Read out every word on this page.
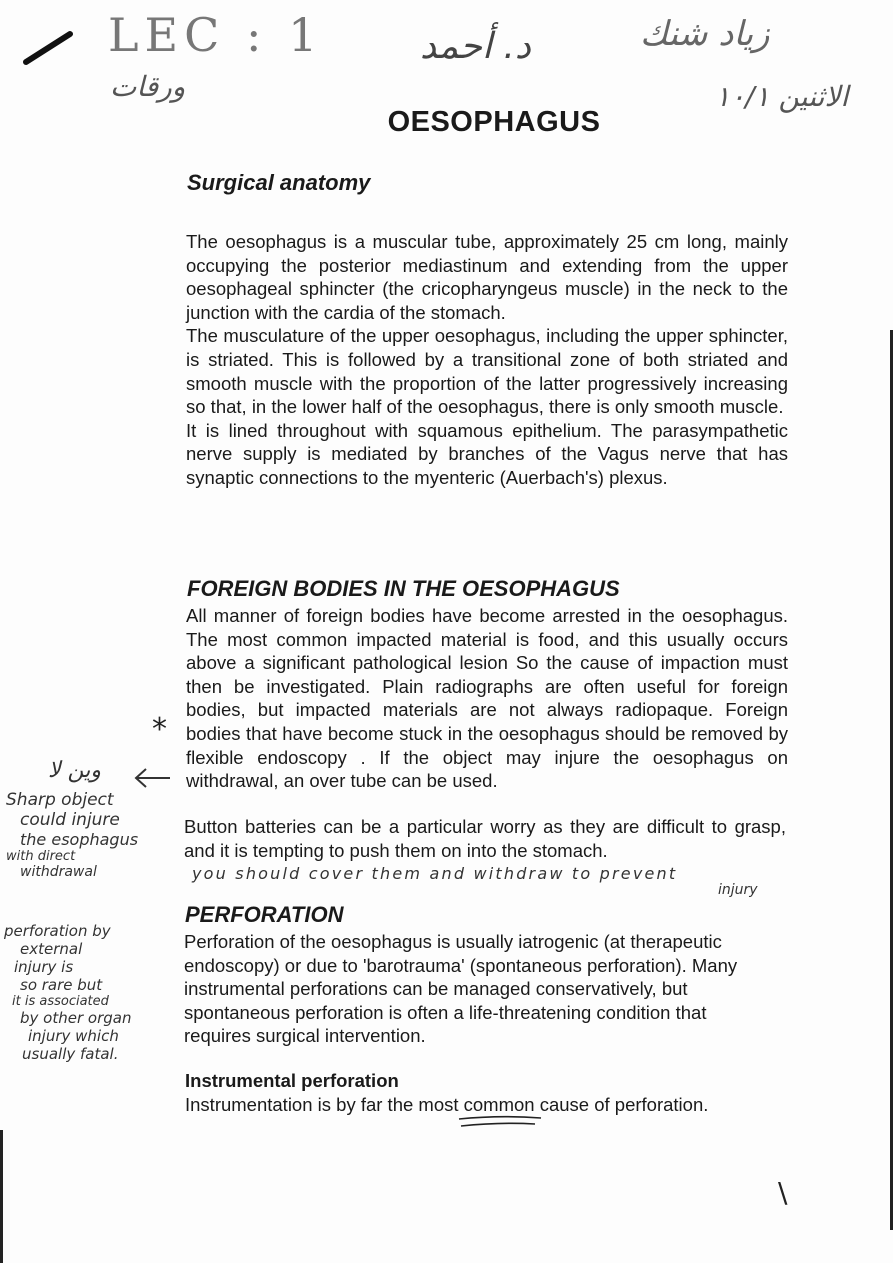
LEC : 1
ورقات
د. أحمد	زياد شنك
الاثنين ١٠/١
OESOPHAGUS
Surgical anatomy

The oesophagus is a muscular tube, approximately 25 cm long, mainly occupying the posterior mediastinum and extending from the upper oesophageal sphincter (the cricopharyngeus muscle) in the neck to the junction with the cardia of the stomach.

The musculature of the upper oesophagus, including the upper sphincter, is striated. This is followed by a transitional zone of both striated and smooth muscle with the proportion of the latter progressively increasing so that, in the lower half of the oesophagus, there is only smooth muscle.

It is lined throughout with squamous epithelium. The parasympathetic nerve supply is mediated by branches of the Vagus nerve that has synaptic connections to the myenteric (Auerbach's) plexus.

FOREIGN BODIES IN THE OESOPHAGUS

All manner of foreign bodies have become arrested in the oesophagus. The most common impacted material is food, and this usually occurs above a significant pathological lesion So the cause of impaction must then be investigated. Plain radiographs are often useful for foreign bodies, but impacted materials are not always radiopaque. Foreign bodies that have become stuck in the oesophagus should be removed by flexible endoscopy . If the object may injure the oesophagus on withdrawal, an over tube can be used.

Button batteries can be a particular worry as they are difficult to grasp, and it is tempting to push them on into the stomach.

*
وين لا
Sharp object
could injure
the esophagus
with direct
withdrawal	you should cover them and withdraw to prevent
injury
PERFORATION

Perforation of the oesophagus is usually iatrogenic (at therapeutic endoscopy) or due to 'barotrauma' (spontaneous perforation). Many instrumental perforations can be managed conservatively, but spontaneous perforation is often a life-threatening condition that requires surgical intervention.

perforation by
external
injury is
so rare but
it is associated
by other organ
injury which
usually fatal.
Instrumental perforation
Instrumentation is by far the most common cause of perforation.
\
